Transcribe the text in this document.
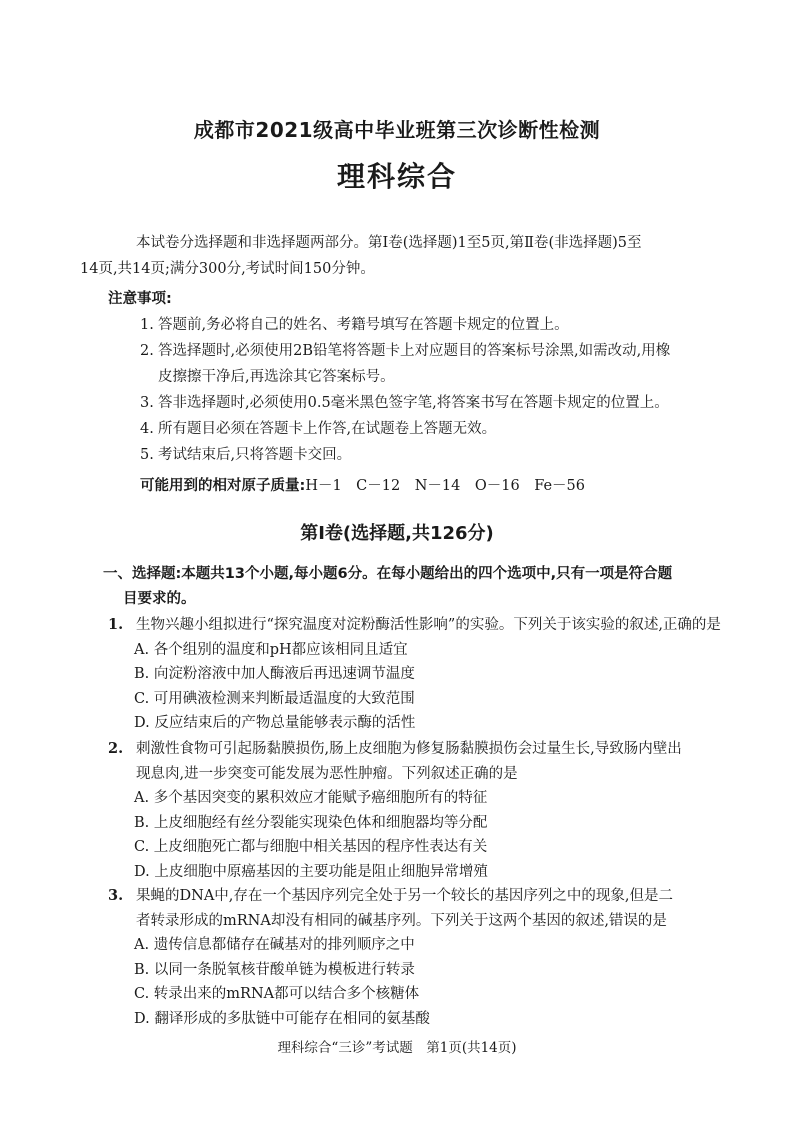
成都市2021级高中毕业班第三次诊断性检测
理科综合
本试卷分选择题和非选择题两部分。第Ⅰ卷(选择题)1至5页,第Ⅱ卷(非选择题)5至
14页,共14页;满分300分,考试时间150分钟。
注意事项:
1. 答题前,务必将自己的姓名、考籍号填写在答题卡规定的位置上。
2. 答选择题时,必须使用2B铅笔将答题卡上对应题目的答案标号涂黑,如需改动,用橡
皮擦擦干净后,再选涂其它答案标号。
3. 答非选择题时,必须使用0.5毫米黑色签字笔,将答案书写在答题卡规定的位置上。
4. 所有题目必须在答题卡上作答,在试题卷上答题无效。
5. 考试结束后,只将答题卡交回。
可能用到的相对原子质量:H－1　C－12　N－14　O－16　Fe－56
第Ⅰ卷(选择题,共126分)
一、选择题:本题共13个小题,每小题6分。在每小题给出的四个选项中,只有一项是符合题
目要求的。
1. 生物兴趣小组拟进行“探究温度对淀粉酶活性影响”的实验。下列关于该实验的叙述,正确的是
A. 各个组别的温度和pH都应该相同且适宜
B. 向淀粉溶液中加人酶液后再迅速调节温度
C. 可用碘液检测来判断最适温度的大致范围
D. 反应结束后的产物总量能够表示酶的活性
2. 刺激性食物可引起肠黏膜损伤,肠上皮细胞为修复肠黏膜损伤会过量生长,导致肠内壁出
现息肉,进一步突变可能发展为恶性肿瘤。下列叙述正确的是
A. 多个基因突变的累积效应才能赋予癌细胞所有的特征
B. 上皮细胞经有丝分裂能实现染色体和细胞器均等分配
C. 上皮细胞死亡都与细胞中相关基因的程序性表达有关
D. 上皮细胞中原癌基因的主要功能是阻止细胞异常增殖
3. 果蝇的DNA中,存在一个基因序列完全处于另一个较长的基因序列之中的现象,但是二
者转录形成的mRNA却没有相同的碱基序列。下列关于这两个基因的叙述,错误的是
A. 遗传信息都储存在碱基对的排列顺序之中
B. 以同一条脱氧核苷酸单链为模板进行转录
C. 转录出来的mRNA都可以结合多个核糖体
D. 翻译形成的多肽链中可能存在相同的氨基酸
理科综合“三诊”考试题　第1页(共14页)
